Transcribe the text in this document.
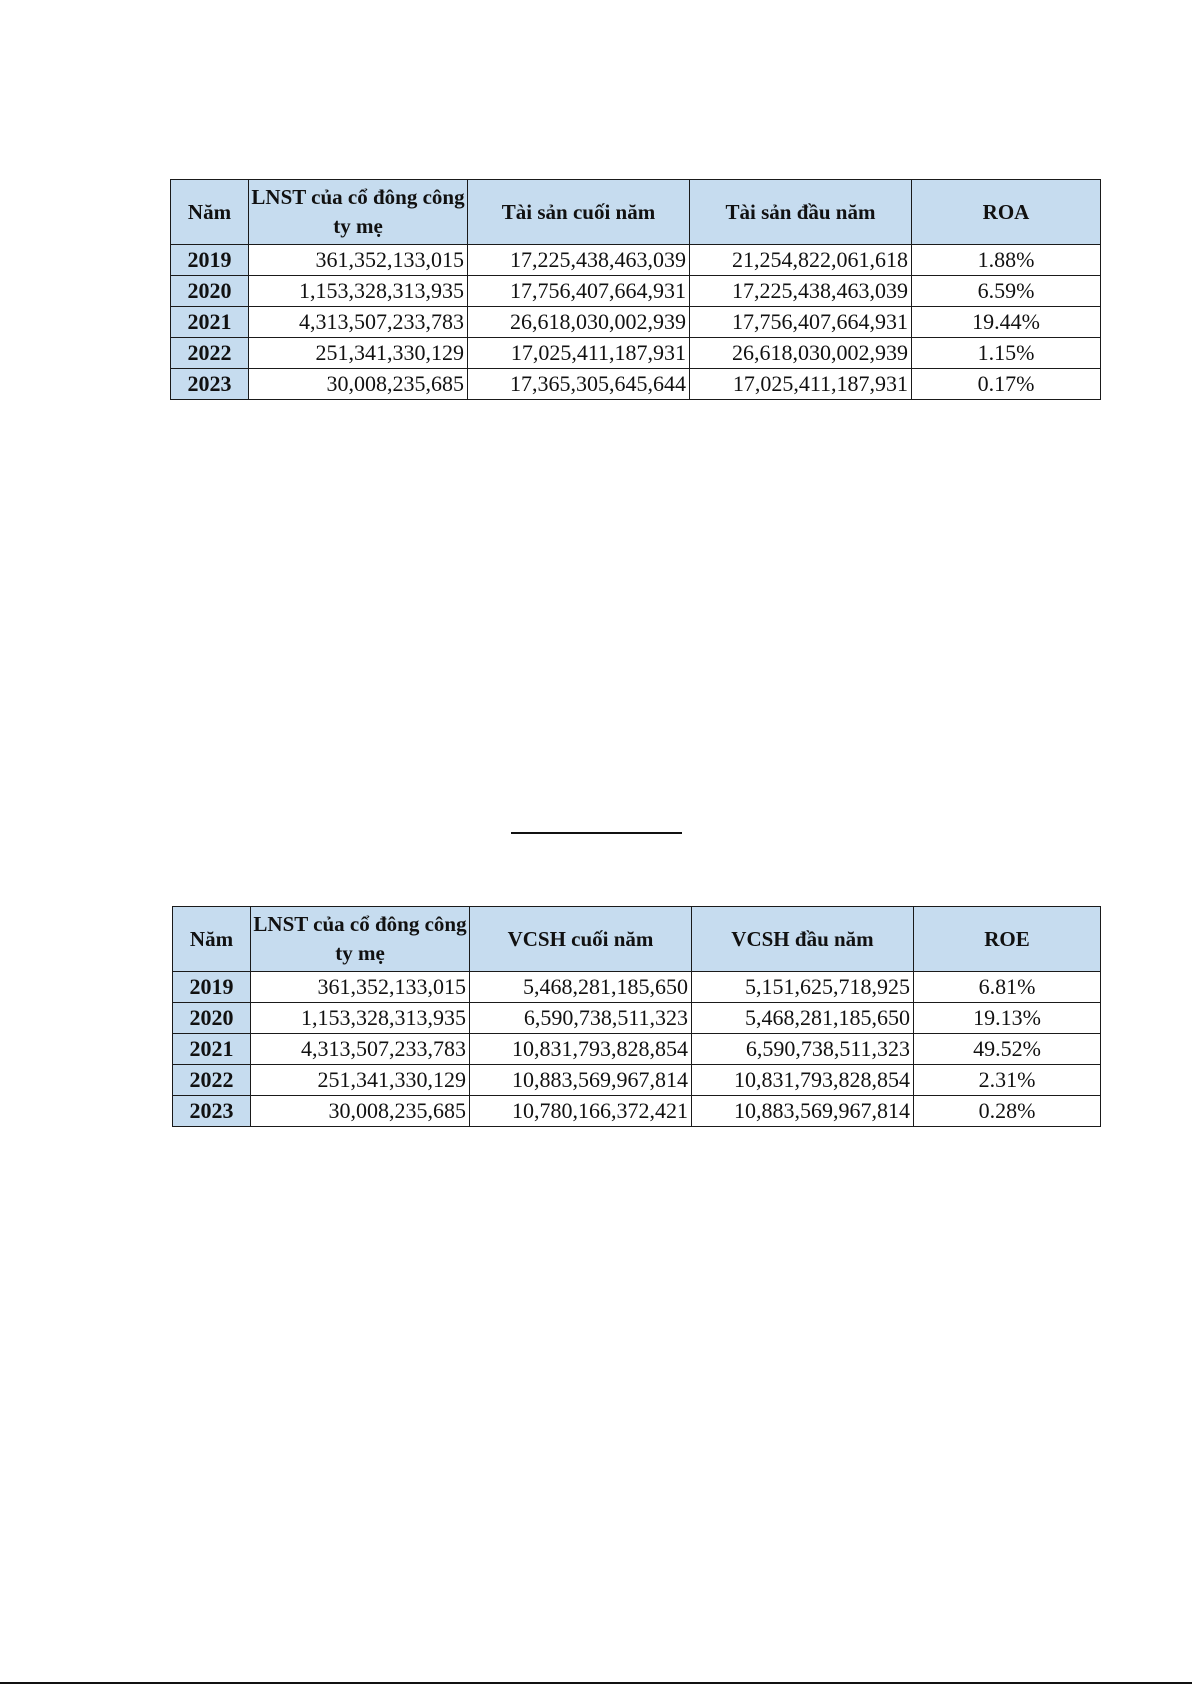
Năm	LNST của cổ đông công ty mẹ	Tài sản cuối năm	Tài sản đầu năm	ROA
2019	361,352,133,015	17,225,438,463,039	21,254,822,061,618	1.88%
2020	1,153,328,313,935	17,756,407,664,931	17,225,438,463,039	6.59%
2021	4,313,507,233,783	26,618,030,002,939	17,756,407,664,931	19.44%
2022	251,341,330,129	17,025,411,187,931	26,618,030,002,939	1.15%
2023	30,008,235,685	17,365,305,645,644	17,025,411,187,931	0.17%
Năm	LNST của cổ đông công ty mẹ	VCSH cuối năm	VCSH đầu năm	ROE
2019	361,352,133,015	5,468,281,185,650	5,151,625,718,925	6.81%
2020	1,153,328,313,935	6,590,738,511,323	5,468,281,185,650	19.13%
2021	4,313,507,233,783	10,831,793,828,854	6,590,738,511,323	49.52%
2022	251,341,330,129	10,883,569,967,814	10,831,793,828,854	2.31%
2023	30,008,235,685	10,780,166,372,421	10,883,569,967,814	0.28%
